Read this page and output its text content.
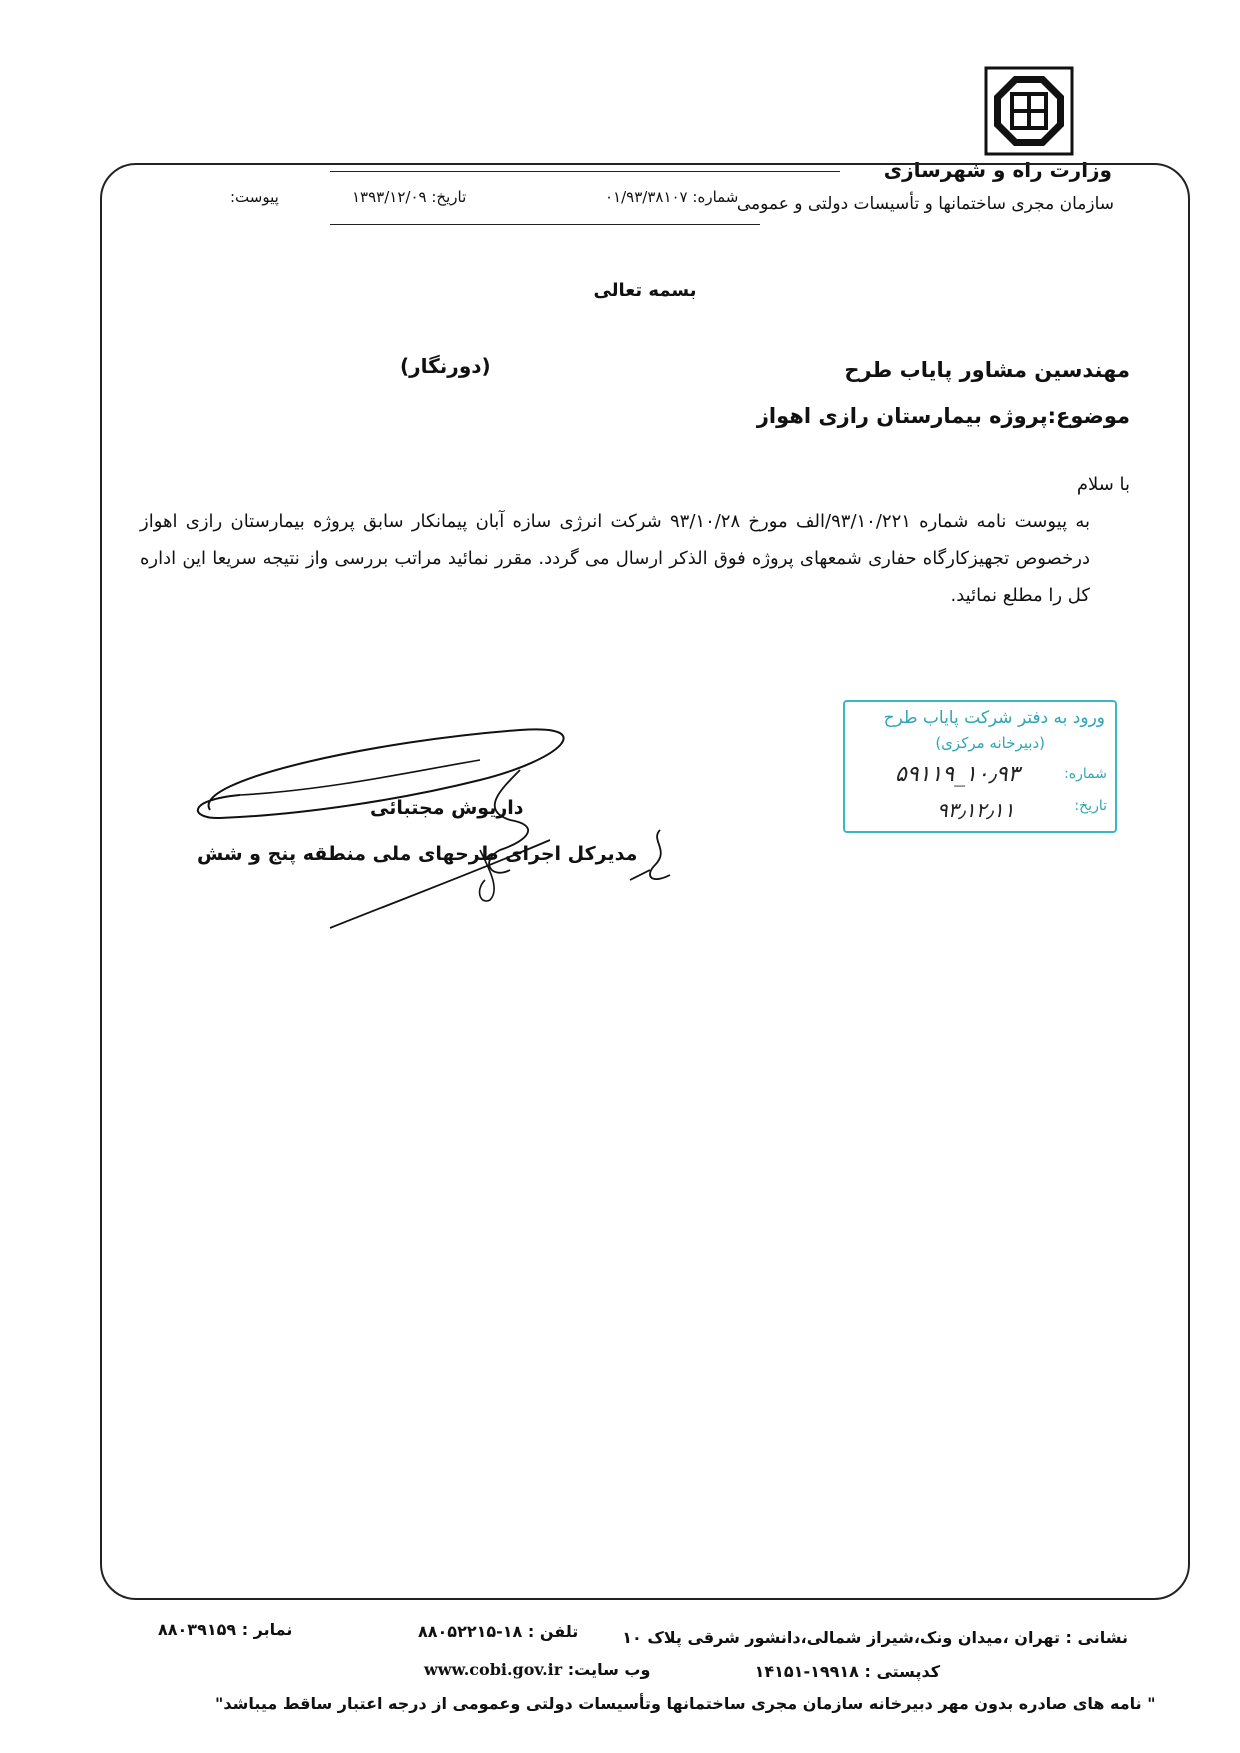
وزارت راه و شهرسازی
سازمان مجری ساختمانها و تأسیسات دولتی و عمومی
شماره: ۰۱/۹۳/۳۸۱۰۷
تاریخ: ۱۳۹۳/۱۲/۰۹
پیوست:
بسمه تعالی
مهندسین مشاور پایاب طرح
(دورنگار)
موضوع:پروژه بیمارستان رازی اهواز
با سلام
به پیوست نامه شماره ۹۳/۱۰/۲۲۱/الف مورخ ۹۳/۱۰/۲۸ شرکت انرژی سازه آبان پیمانکار سابق پروژه بیمارستان رازی اهواز درخصوص تجهیزکارگاه حفاری شمعهای پروژه فوق الذکر ارسال می گردد. مقرر نمائید مراتب بررسی واز نتیجه سریعا این اداره کل را مطلع نمائید.
ورود به دفتر شرکت پایاب طرح
(دبیرخانه مرکزی)
شماره:
تاریخ:
۱۰٫۹۳_۵۹۱۱۹
۹۳٫۱۲٫۱۱
داریوش مجتبائی
مدیرکل اجرای طرحهای ملی منطقه پنج و شش
نشانی : تهران ،میدان ونک،شیراز شمالی،دانشور شرقی پلاک ۱۰
تلفن : ۱۸-۸۸۰۵۲۲۱۵
نمابر : ۸۸۰۳۹۱۵۹
کدپستی : ۱۹۹۱۸-۱۴۱۵۱
www.cobi.gov.ir وب سایت:
" نامه های صادره بدون مهر دبیرخانه سازمان مجری ساختمانها وتأسیسات دولتی وعمومی از درجه اعتبار ساقط میباشد"
